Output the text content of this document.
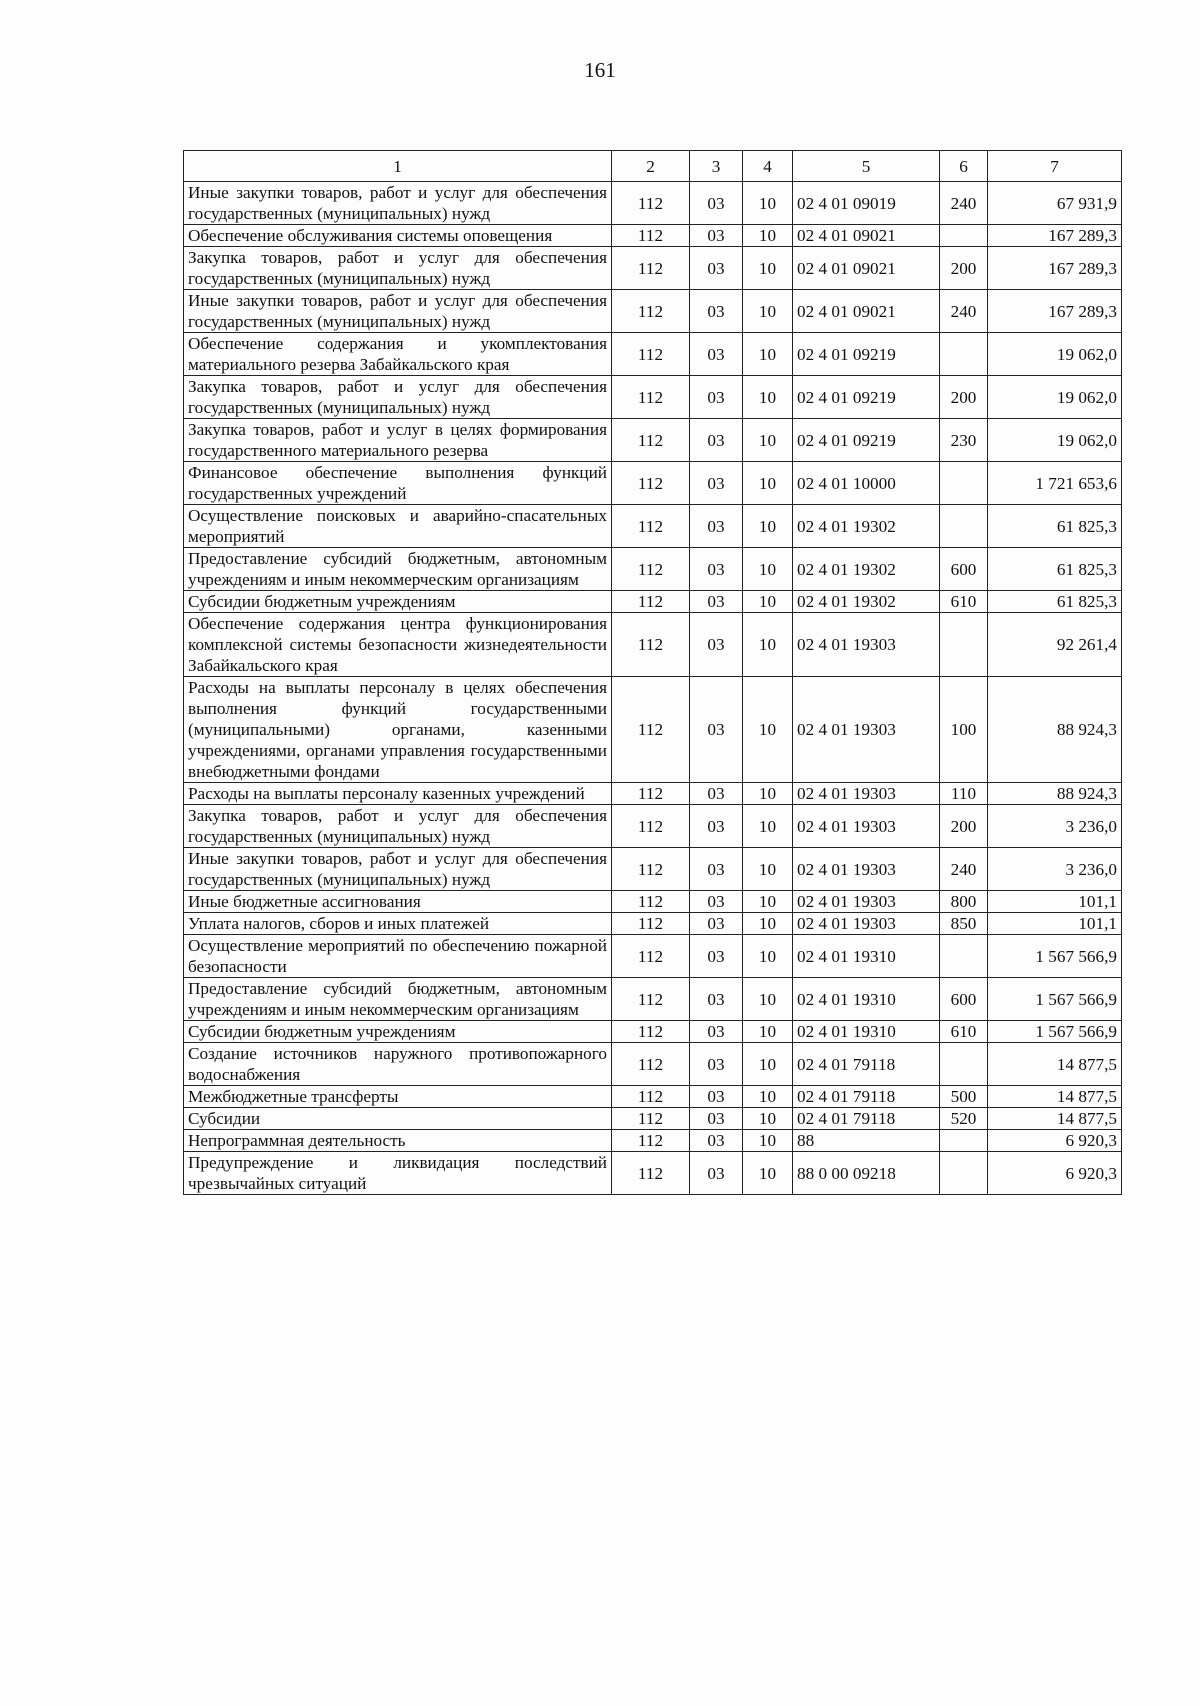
161
1	2	3	4	5	6	7
Иные закупки товаров, работ и услуг для обеспечения государственных (муниципальных) нужд	112	03	10	02 4 01 09019	240	67 931,9
Обеспечение обслуживания системы оповещения	112	03	10	02 4 01 09021		167 289,3
Закупка товаров, работ и услуг для обеспечения государственных (муниципальных) нужд	112	03	10	02 4 01 09021	200	167 289,3
Иные закупки товаров, работ и услуг для обеспечения государственных (муниципальных) нужд	112	03	10	02 4 01 09021	240	167 289,3
Обеспечение содержания и укомплектования материального резерва Забайкальского края	112	03	10	02 4 01 09219		19 062,0
Закупка товаров, работ и услуг для обеспечения государственных (муниципальных) нужд	112	03	10	02 4 01 09219	200	19 062,0
Закупка товаров, работ и услуг в целях формирования государственного материального резерва	112	03	10	02 4 01 09219	230	19 062,0
Финансовое обеспечение выполнения функций государственных учреждений	112	03	10	02 4 01 10000		1 721 653,6
Осуществление поисковых и аварийно-спасательных мероприятий	112	03	10	02 4 01 19302		61 825,3
Предоставление субсидий бюджетным, автономным учреждениям и иным некоммерческим организациям	112	03	10	02 4 01 19302	600	61 825,3
Субсидии бюджетным учреждениям	112	03	10	02 4 01 19302	610	61 825,3
Обеспечение содержания центра функционирования комплексной системы безопасности жизнедеятельности Забайкальского края	112	03	10	02 4 01 19303		92 261,4
Расходы на выплаты персоналу в целях обеспечения выполнения функций государственными (муниципальными) органами, казенными учреждениями, органами управления государственными внебюджетными фондами	112	03	10	02 4 01 19303	100	88 924,3
Расходы на выплаты персоналу казенных учреждений	112	03	10	02 4 01 19303	110	88 924,3
Закупка товаров, работ и услуг для обеспечения государственных (муниципальных) нужд	112	03	10	02 4 01 19303	200	3 236,0
Иные закупки товаров, работ и услуг для обеспечения государственных (муниципальных) нужд	112	03	10	02 4 01 19303	240	3 236,0
Иные бюджетные ассигнования	112	03	10	02 4 01 19303	800	101,1
Уплата налогов, сборов и иных платежей	112	03	10	02 4 01 19303	850	101,1
Осуществление мероприятий по обеспечению пожарной безопасности	112	03	10	02 4 01 19310		1 567 566,9
Предоставление субсидий бюджетным, автономным учреждениям и иным некоммерческим организациям	112	03	10	02 4 01 19310	600	1 567 566,9
Субсидии бюджетным учреждениям	112	03	10	02 4 01 19310	610	1 567 566,9
Создание источников наружного противопожарного водоснабжения	112	03	10	02 4 01 79118		14 877,5
Межбюджетные трансферты	112	03	10	02 4 01 79118	500	14 877,5
Субсидии	112	03	10	02 4 01 79118	520	14 877,5
Непрограммная деятельность	112	03	10	88		6 920,3
Предупреждение и ликвидация последствий чрезвычайных ситуаций	112	03	10	88 0 00 09218		6 920,3
